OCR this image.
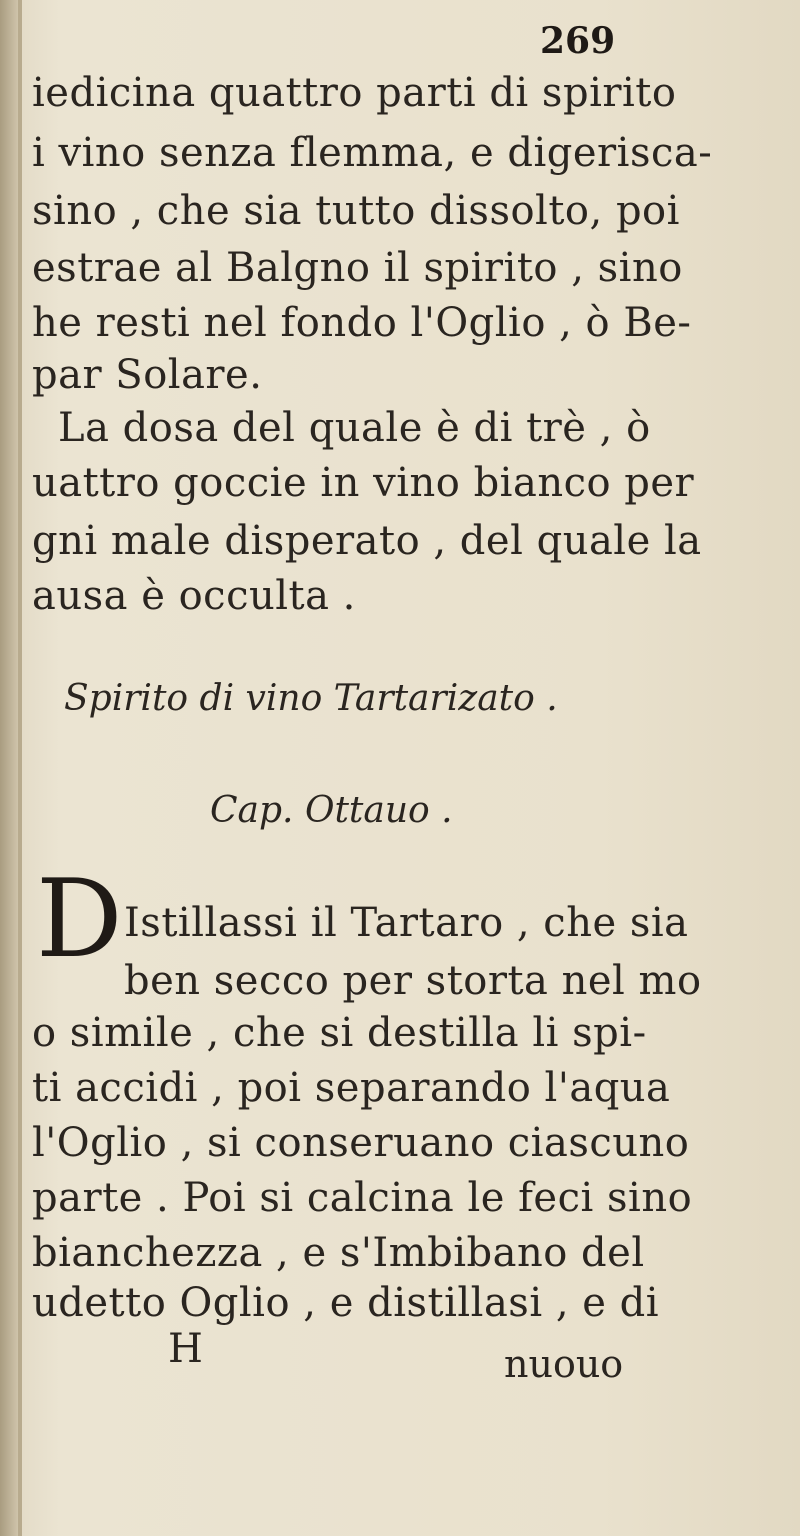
269
iedicina quattro parti di spirito
i vino senza flemma, e digerisca-
sino , che sia tutto dissolto, poi
estrae al Balgno il spirito , sino
he resti nel fondo l'Oglio , ò Be-
par Solare.
La dosa del quale è di trè , ò
uattro goccie in vino bianco per
gni male disperato , del quale la
ausa è occulta .
Spirito di vino Tartarizato .
Cap. Ottauo .
D Istillassi il Tartaro , che sia
ben secco per storta nel mo
o simile , che si destilla li spi-
ti accidi , poi separando l'aqua
l'Oglio , si conseruano ciascuno
parte . Poi si calcina le feci sino
bianchezza , e s'Imbibano del
udetto Oglio , e distillasi , e di
H	nuouo
